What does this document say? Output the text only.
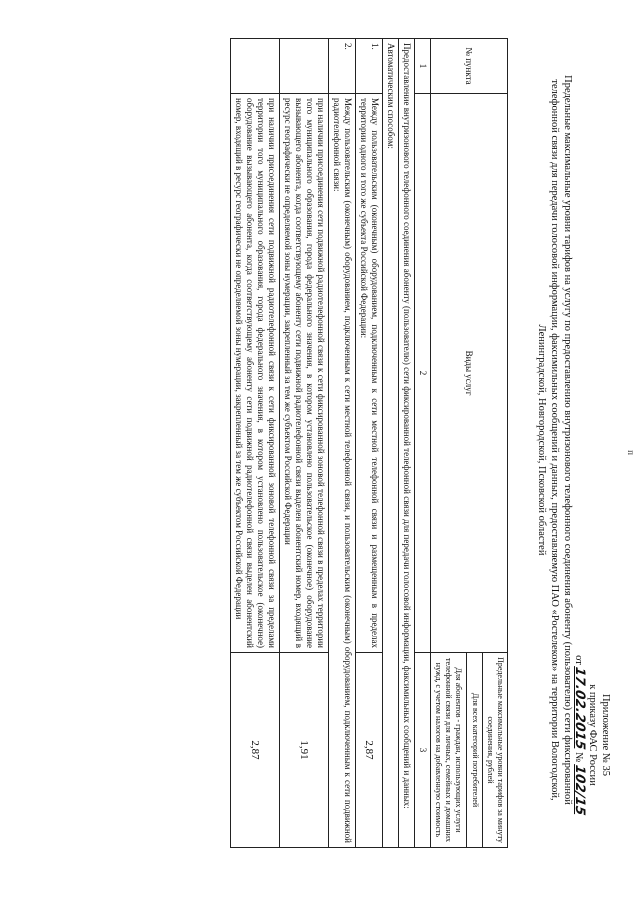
п
Приложение № 35
к приказу ФАС России
от 17.02.2015 № 102/15
Предельные максимальные уровни тарифов на услугу по предоставлению внутризонового телефонного соединения абоненту (пользователю) сети фиксированной телефонной связи для передачи голосовой информации, факсимильных сообщений и данных, предоставляемую ПАО «Ростелеком» на территории Вологодской, Ленинградской, Новгородской, Псковской областей
№ пункта	Виды услуг	Предельные максимальные уровни тарифов за минуту соединения, рублей

		Для всех категорий потребителей
Для абонентов - граждан, использующих услуги телефонной связи для личных, семейных и домашних нужд, с учетом налогов на добавленную стоимость

1	2	3
Предоставление внутризонового телефонного соединения абоненту (пользователю) сети фиксированной телефонной связи для передачи голосовой информации, факсимильных сообщений и данных:		
Автоматическим способом:		
1.	Между пользовательским (оконечным) оборудованием, подключенным к сети местной телефонной связи и размещенным в пределах территории одного и того же субъекта Российской Федерации:	2,87
2.	Между пользовательским (оконечным) оборудованием, подключенным к сети местной телефонной связи, и пользовательским (оконечным) оборудованием, подключенным к сети подвижной радиотелефонной связи:	
	при наличии присоединения сети подвижной радиотелефонной связи к сети фиксированной зоновой телефонной связи в пределах территории того муниципального образования, города федерального значения, в котором установлено пользовательское (оконечное) оборудование вызывающего абонента, когда соответствующему абоненту сети подвижной радиотелефонной связи выделен абонентский номер, входящий в ресурс географически не определяемой зоны нумерации, закрепленный за тем же субъектом Российской Федерации	1,91
	при наличии присоединения сети подвижной радиотелефонной связи к сети фиксированной зоновой телефонной связи за пределами территории того муниципального образования, города федерального значения, в котором установлено пользовательское (оконечное) оборудование вызывающего абонента, когда соответствующему абоненту сети подвижной радиотелефонной связи выделен абонентский номер, входящий в ресурс географически не определяемой зоны нумерации, закрепленный за тем же субъектом Российской Федерации	2,87
